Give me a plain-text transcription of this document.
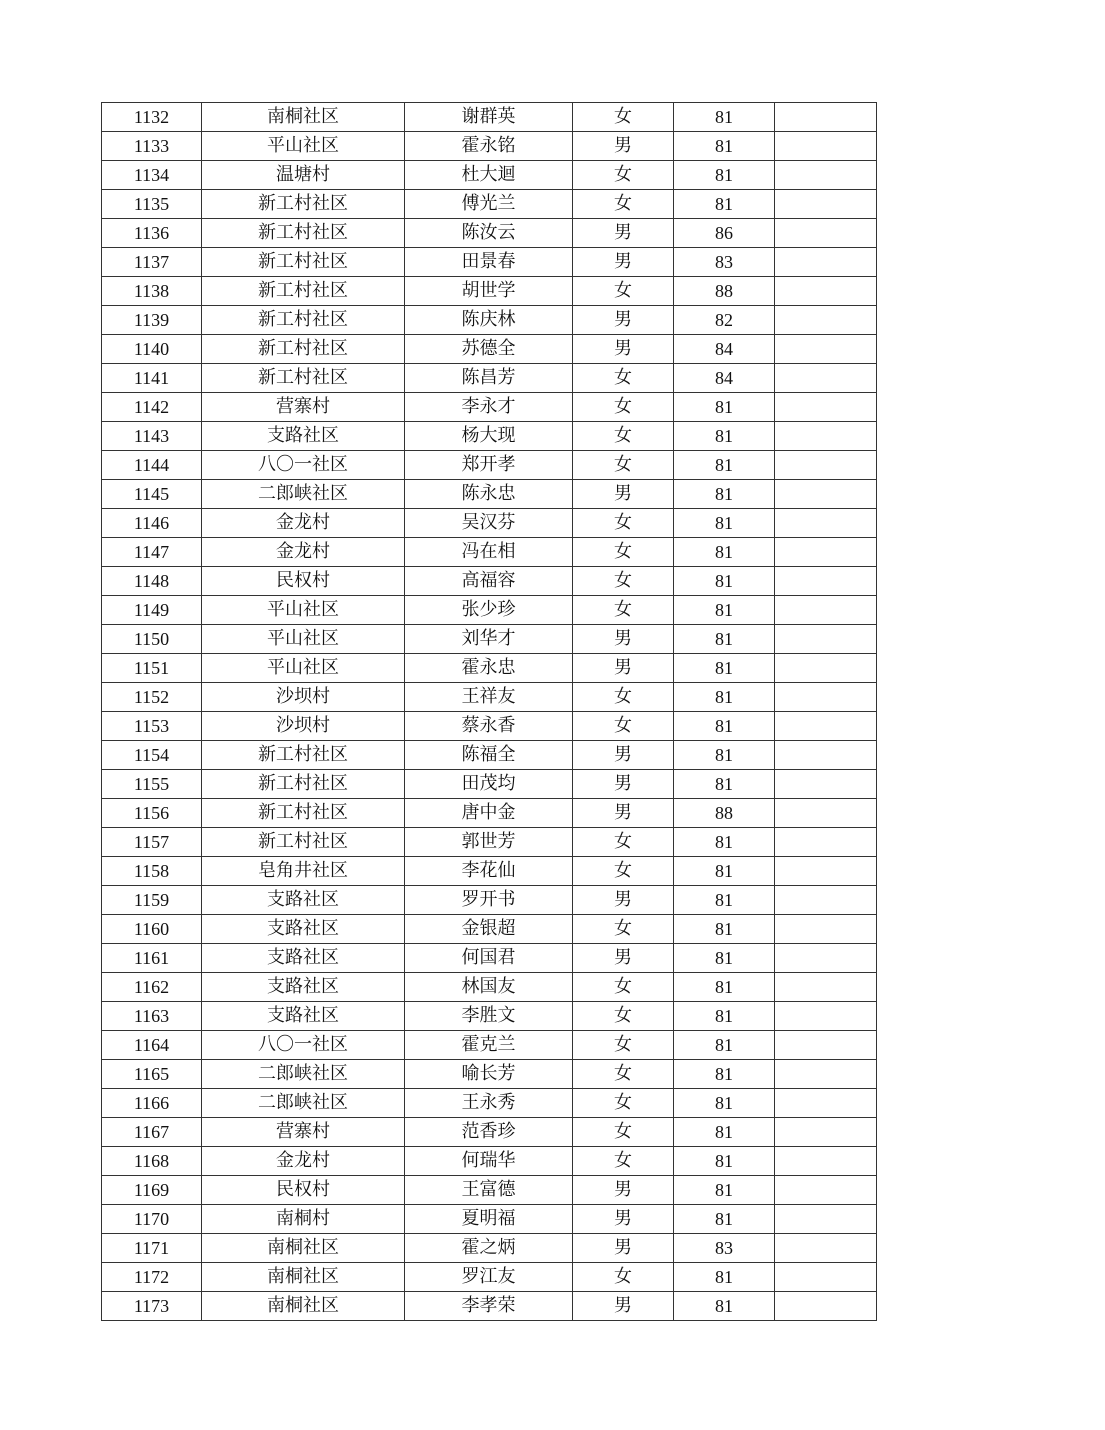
1132	南桐社区	谢群英	女	81	
1133	平山社区	霍永铭	男	81	
1134	温塘村	杜大迴	女	81	
1135	新工村社区	傅光兰	女	81	
1136	新工村社区	陈汝云	男	86	
1137	新工村社区	田景春	男	83	
1138	新工村社区	胡世学	女	88	
1139	新工村社区	陈庆林	男	82	
1140	新工村社区	苏德全	男	84	
1141	新工村社区	陈昌芳	女	84	
1142	营寨村	李永才	女	81	
1143	支路社区	杨大现	女	81	
1144	八〇一社区	郑开孝	女	81	
1145	二郎峡社区	陈永忠	男	81	
1146	金龙村	吴汉芬	女	81	
1147	金龙村	冯在相	女	81	
1148	民权村	高福容	女	81	
1149	平山社区	张少珍	女	81	
1150	平山社区	刘华才	男	81	
1151	平山社区	霍永忠	男	81	
1152	沙坝村	王祥友	女	81	
1153	沙坝村	蔡永香	女	81	
1154	新工村社区	陈福全	男	81	
1155	新工村社区	田茂均	男	81	
1156	新工村社区	唐中金	男	88	
1157	新工村社区	郭世芳	女	81	
1158	皂角井社区	李花仙	女	81	
1159	支路社区	罗开书	男	81	
1160	支路社区	金银超	女	81	
1161	支路社区	何国君	男	81	
1162	支路社区	林国友	女	81	
1163	支路社区	李胜文	女	81	
1164	八〇一社区	霍克兰	女	81	
1165	二郎峡社区	喻长芳	女	81	
1166	二郎峡社区	王永秀	女	81	
1167	营寨村	范香珍	女	81	
1168	金龙村	何瑞华	女	81	
1169	民权村	王富德	男	81	
1170	南桐村	夏明福	男	81	
1171	南桐社区	霍之炳	男	83	
1172	南桐社区	罗江友	女	81	
1173	南桐社区	李孝荣	男	81	
